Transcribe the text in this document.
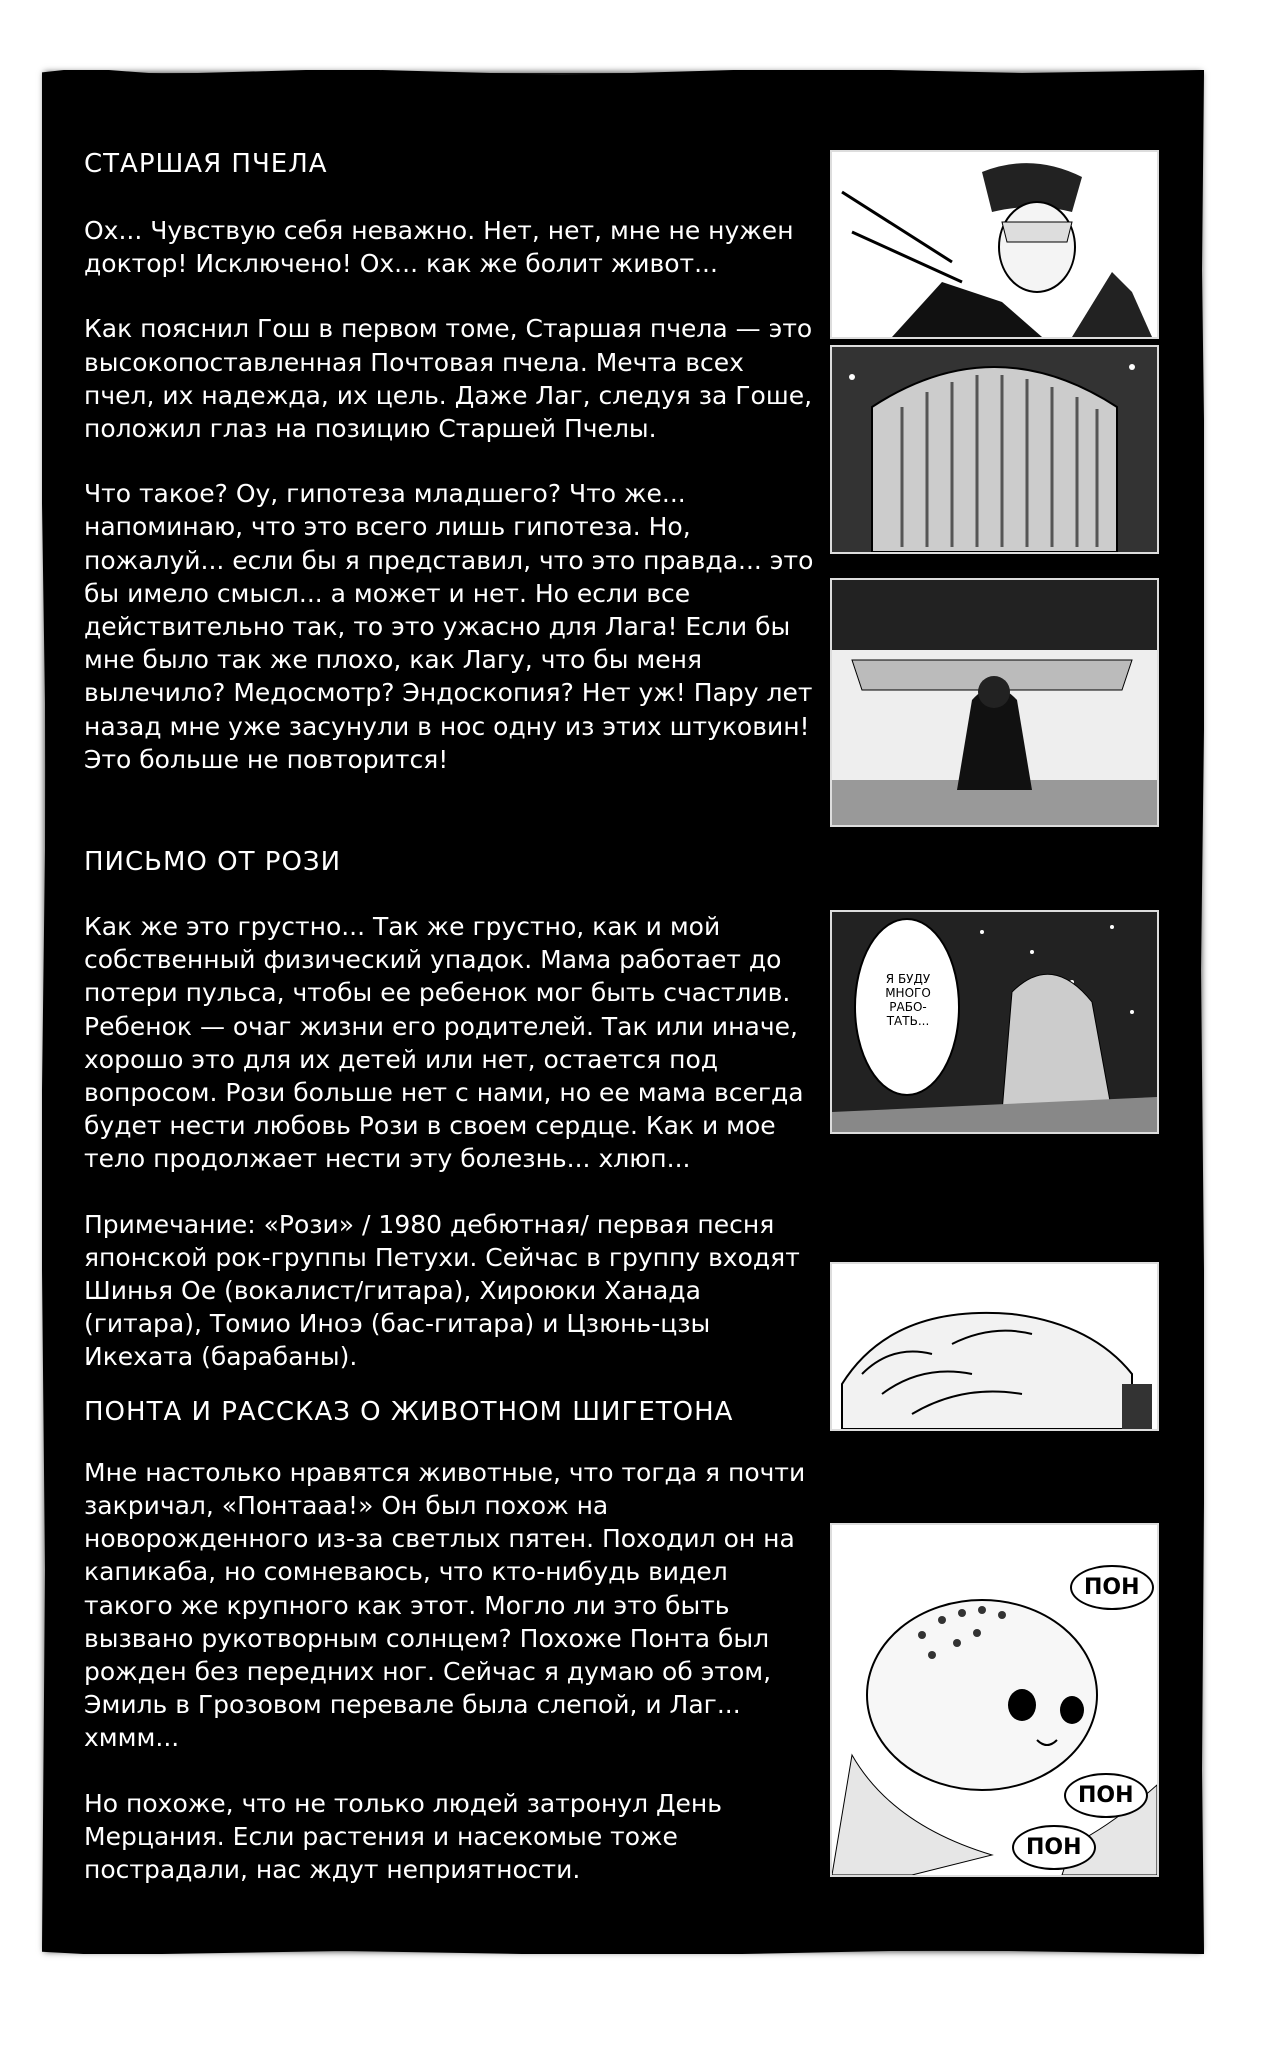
СТАРШАЯ ПЧЕЛА

Ох... Чувствую себя неважно. Нет, нет, мне не нужен доктор! Исключено! Ох... как же болит живот...

Как пояснил Гош в первом томе, Старшая пчела — это высокопоставленная Почтовая пчела. Мечта всех пчел, их надежда, их цель. Даже Лаг, следуя за Гоше, положил глаз на позицию Старшей Пчелы.

Что такое? Оу, гипотеза младшего? Что же... напоминаю, что это всего лишь гипотеза. Но, пожалуй... если бы я представил, что это правда... это бы имело смысл... а может и нет. Но если все действительно так, то это ужасно для Лага! Если бы мне было так же плохо, как Лагу, что бы меня вылечило? Медосмотр? Эндоскопия? Нет уж! Пару лет назад мне уже засунули в нос одну из этих штуковин! Это больше не повторится!

ПИСЬМО ОТ РОЗИ

Как же это грустно... Так же грустно, как и мой собственный физический упадок. Мама работает до потери пульса, чтобы ее ребенок мог быть счастлив. Ребенок — очаг жизни его родителей. Так или иначе, хорошо это для их детей или нет, остается под вопросом. Рози больше нет с нами, но ее мама всегда будет нести любовь Рози в своем сердце. Как и мое тело продолжает нести эту болезнь... хлюп...

Примечание: «Рози» / 1980 дебютная/ первая песня японской рок-группы Петухи. Сейчас в группу входят Шинья Ое (вокалист/гитара), Хироюки Ханада (гитара), Томио Иноэ (бас-гитара) и Цзюнь-цзы Икехата (барабаны).

ПОНТА И РАССКАЗ О ЖИВОТНОМ ШИГЕТОНА

Мне настолько нравятся животные, что тогда я почти закричал, «Понтааа!» Он был похож на новорожденного из-за светлых пятен. Походил он на капикаба, но сомневаюсь, что кто-нибудь видел такого же крупного как этот. Могло ли это быть вызвано рукотворным солнцем? Похоже Понта был рожден без передних ног. Сейчас я думаю об этом, Эмиль в Грозовом перевале была слепой, и Лаг... хммм...

Но похоже, что не только людей затронул День Мерцания. Если растения и насекомые тоже пострадали, нас ждут неприятности.

Я БУДУ МНОГО РАБО- ТАТЬ...
ПОН
ПОН
ПОН
